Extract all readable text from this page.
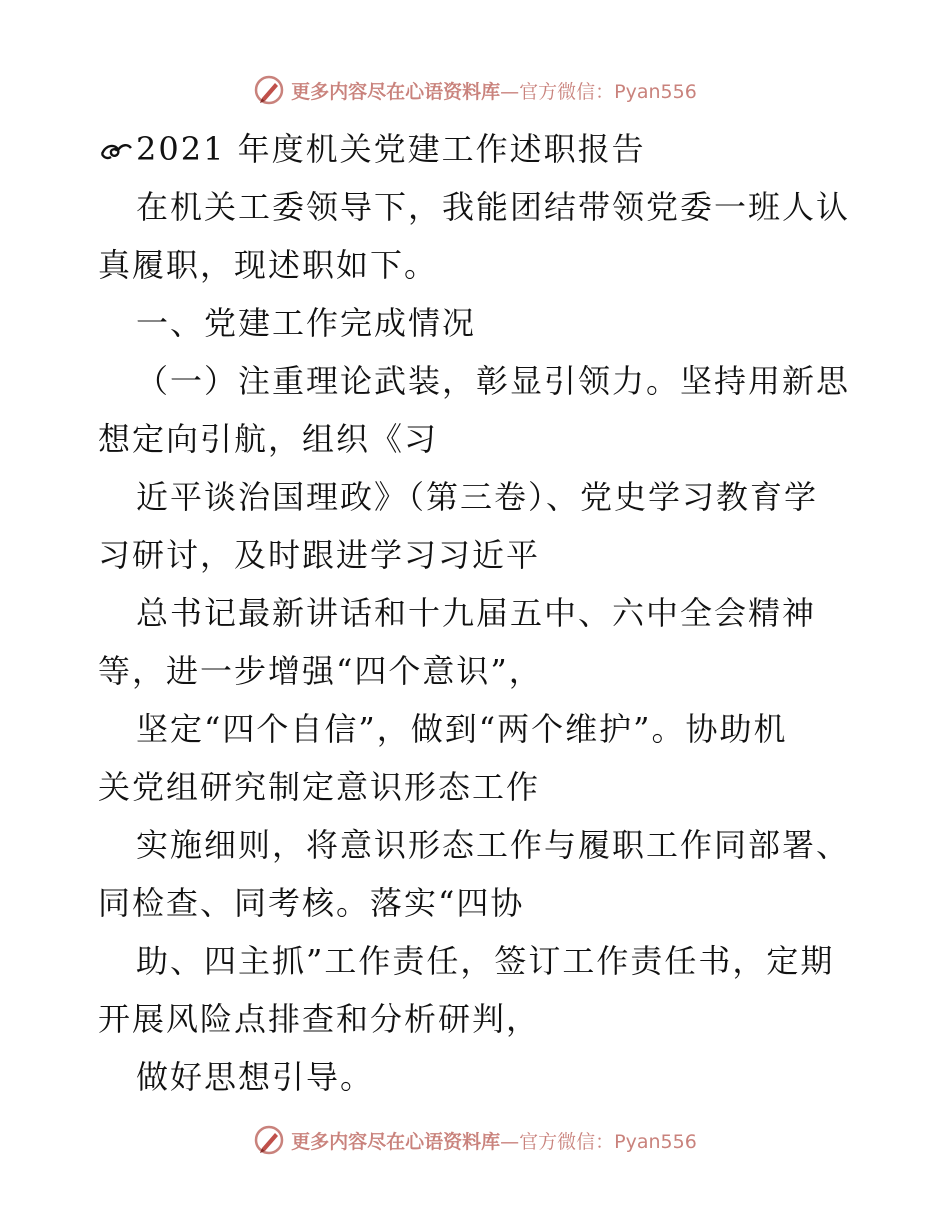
更多内容尽在心语资料库—官方微信：Pyan556
2021 年度机关党建工作述职报告
在机关工委领导下，我能团结带领党委一班人认
真履职，现述职如下。
一、党建工作完成情况
（一）注重理论武装，彰显引领力。坚持用新思
想定向引航，组织《习
近平谈治国理政》（第三卷）、党史学习教育学
习研讨，及时跟进学习习近平
总书记最新讲话和十九届五中、六中全会精神
等，进一步增强“四个意识”，
坚定“四个自信”，做到“两个维护”。协助机
关党组研究制定意识形态工作
实施细则，将意识形态工作与履职工作同部署、
同检查、同考核。落实“四协
助、四主抓”工作责任，签订工作责任书，定期
开展风险点排查和分析研判，
做好思想引导。
更多内容尽在心语资料库—官方微信：Pyan556
